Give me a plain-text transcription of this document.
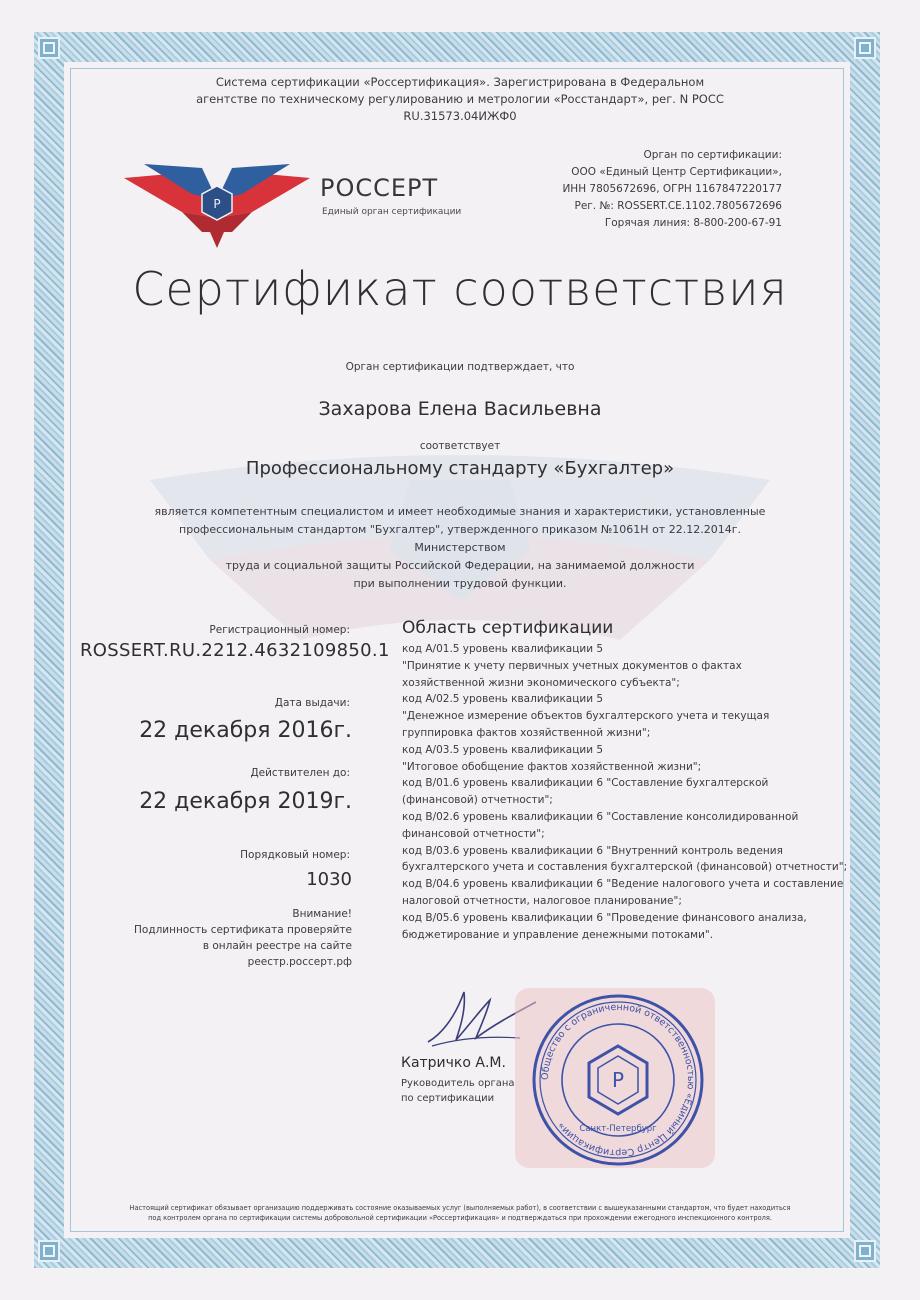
Система сертификации «Россертификация». Зарегистрирована в Федеральном
агентстве по техническому регулированию и метрологии «Росстандарт», рег. N РОСС RU.31573.04ИЖФ0
P
РОССЕРТ
Единый орган сертификации
Орган по сертификации:
ООО «Единый Центр Сертификации»,
ИНН 7805672696, ОГРН 1167847220177
Рег. №: ROSSERT.CE.1102.7805672696
Горячая линия: 8-800-200-67-91
Сертификат соответствия
Орган сертификации подтверждает, что
Захарова Елена Васильевна
соответствует
Профессиональному стандарту «Бухгалтер»
является компетентным специалистом и имеет необходимые знания и характеристики, установленные
профессиональным стандартом "Бухгалтер", утвержденного приказом №1061Н от 22.12.2014г. Министерством
труда и социальной защиты Российской Федерации, на занимаемой должности
при выполнении трудовой функции.
Регистрационный номер:
ROSSERT.RU.2212.4632109850.1
Дата выдачи:
22 декабря 2016г.
Действителен до:
22 декабря 2019г.
Порядковый номер:
1030
Внимание!
Подлинность сертификата проверяйте
в онлайн реестре на сайте
реестр.россерт.рф
Область сертификации
код А/01.5 уровень квалификации 5
"Принятие к учету первичных учетных документов о фактах
хозяйственной жизни экономического субъекта";
код А/02.5 уровень квалификации 5
"Денежное измерение объектов бухгалтерского учета и текущая
группировка фактов хозяйственной жизни";
код А/03.5 уровень квалификации 5
"Итоговое обобщение фактов хозяйственной жизни";
код В/01.6 уровень квалификации 6 "Составление бухгалтерской
(финансовой) отчетности";
код В/02.6 уровень квалификации 6 "Составление консолидированной
финансовой отчетности";
код В/03.6 уровень квалификации 6 "Внутренний контроль ведения
бухгалтерского учета и составления бухгалтерской (финансовой) отчетности";
код В/04.6 уровень квалификации 6 "Ведение налогового учета и составление
налоговой отчетности, налоговое планирование";
код В/05.6 уровень квалификации 6 "Проведение финансового анализа,
бюджетирование и управление денежными потоками".
Катричко А.М.
Руководитель органа
по сертификации
Общество с ограниченной ответственностью «Единый Центр Сертификации»
P
Санкт-Петербург
Настоящий сертификат обязывает организацию поддерживать состояние оказываемых услуг (выполняемых работ), в соответствии с вышеуказанными стандартом, что будет находиться
под контролем органа по сертификации системы добровольной сертификации «Россертификация» и подтверждаться при прохождении ежегодного инспекционного контроля.
